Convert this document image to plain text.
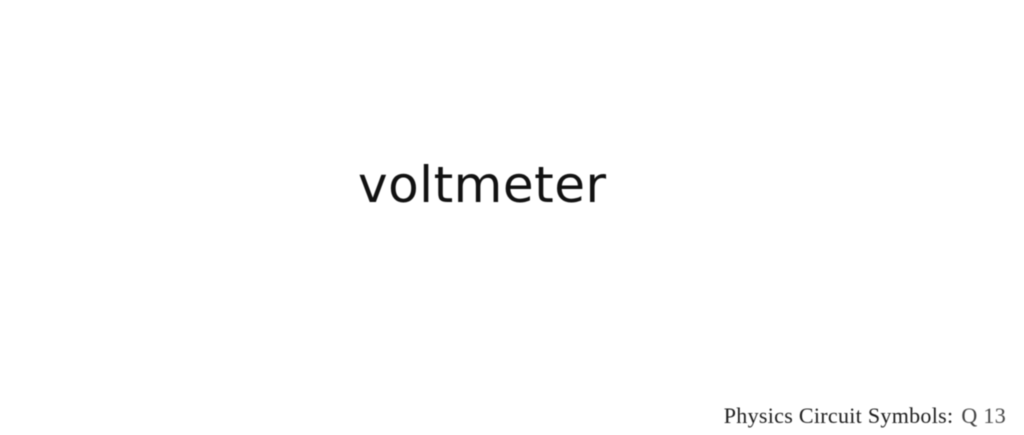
voltmeter
Physics Circuit Symbols: Q 13
